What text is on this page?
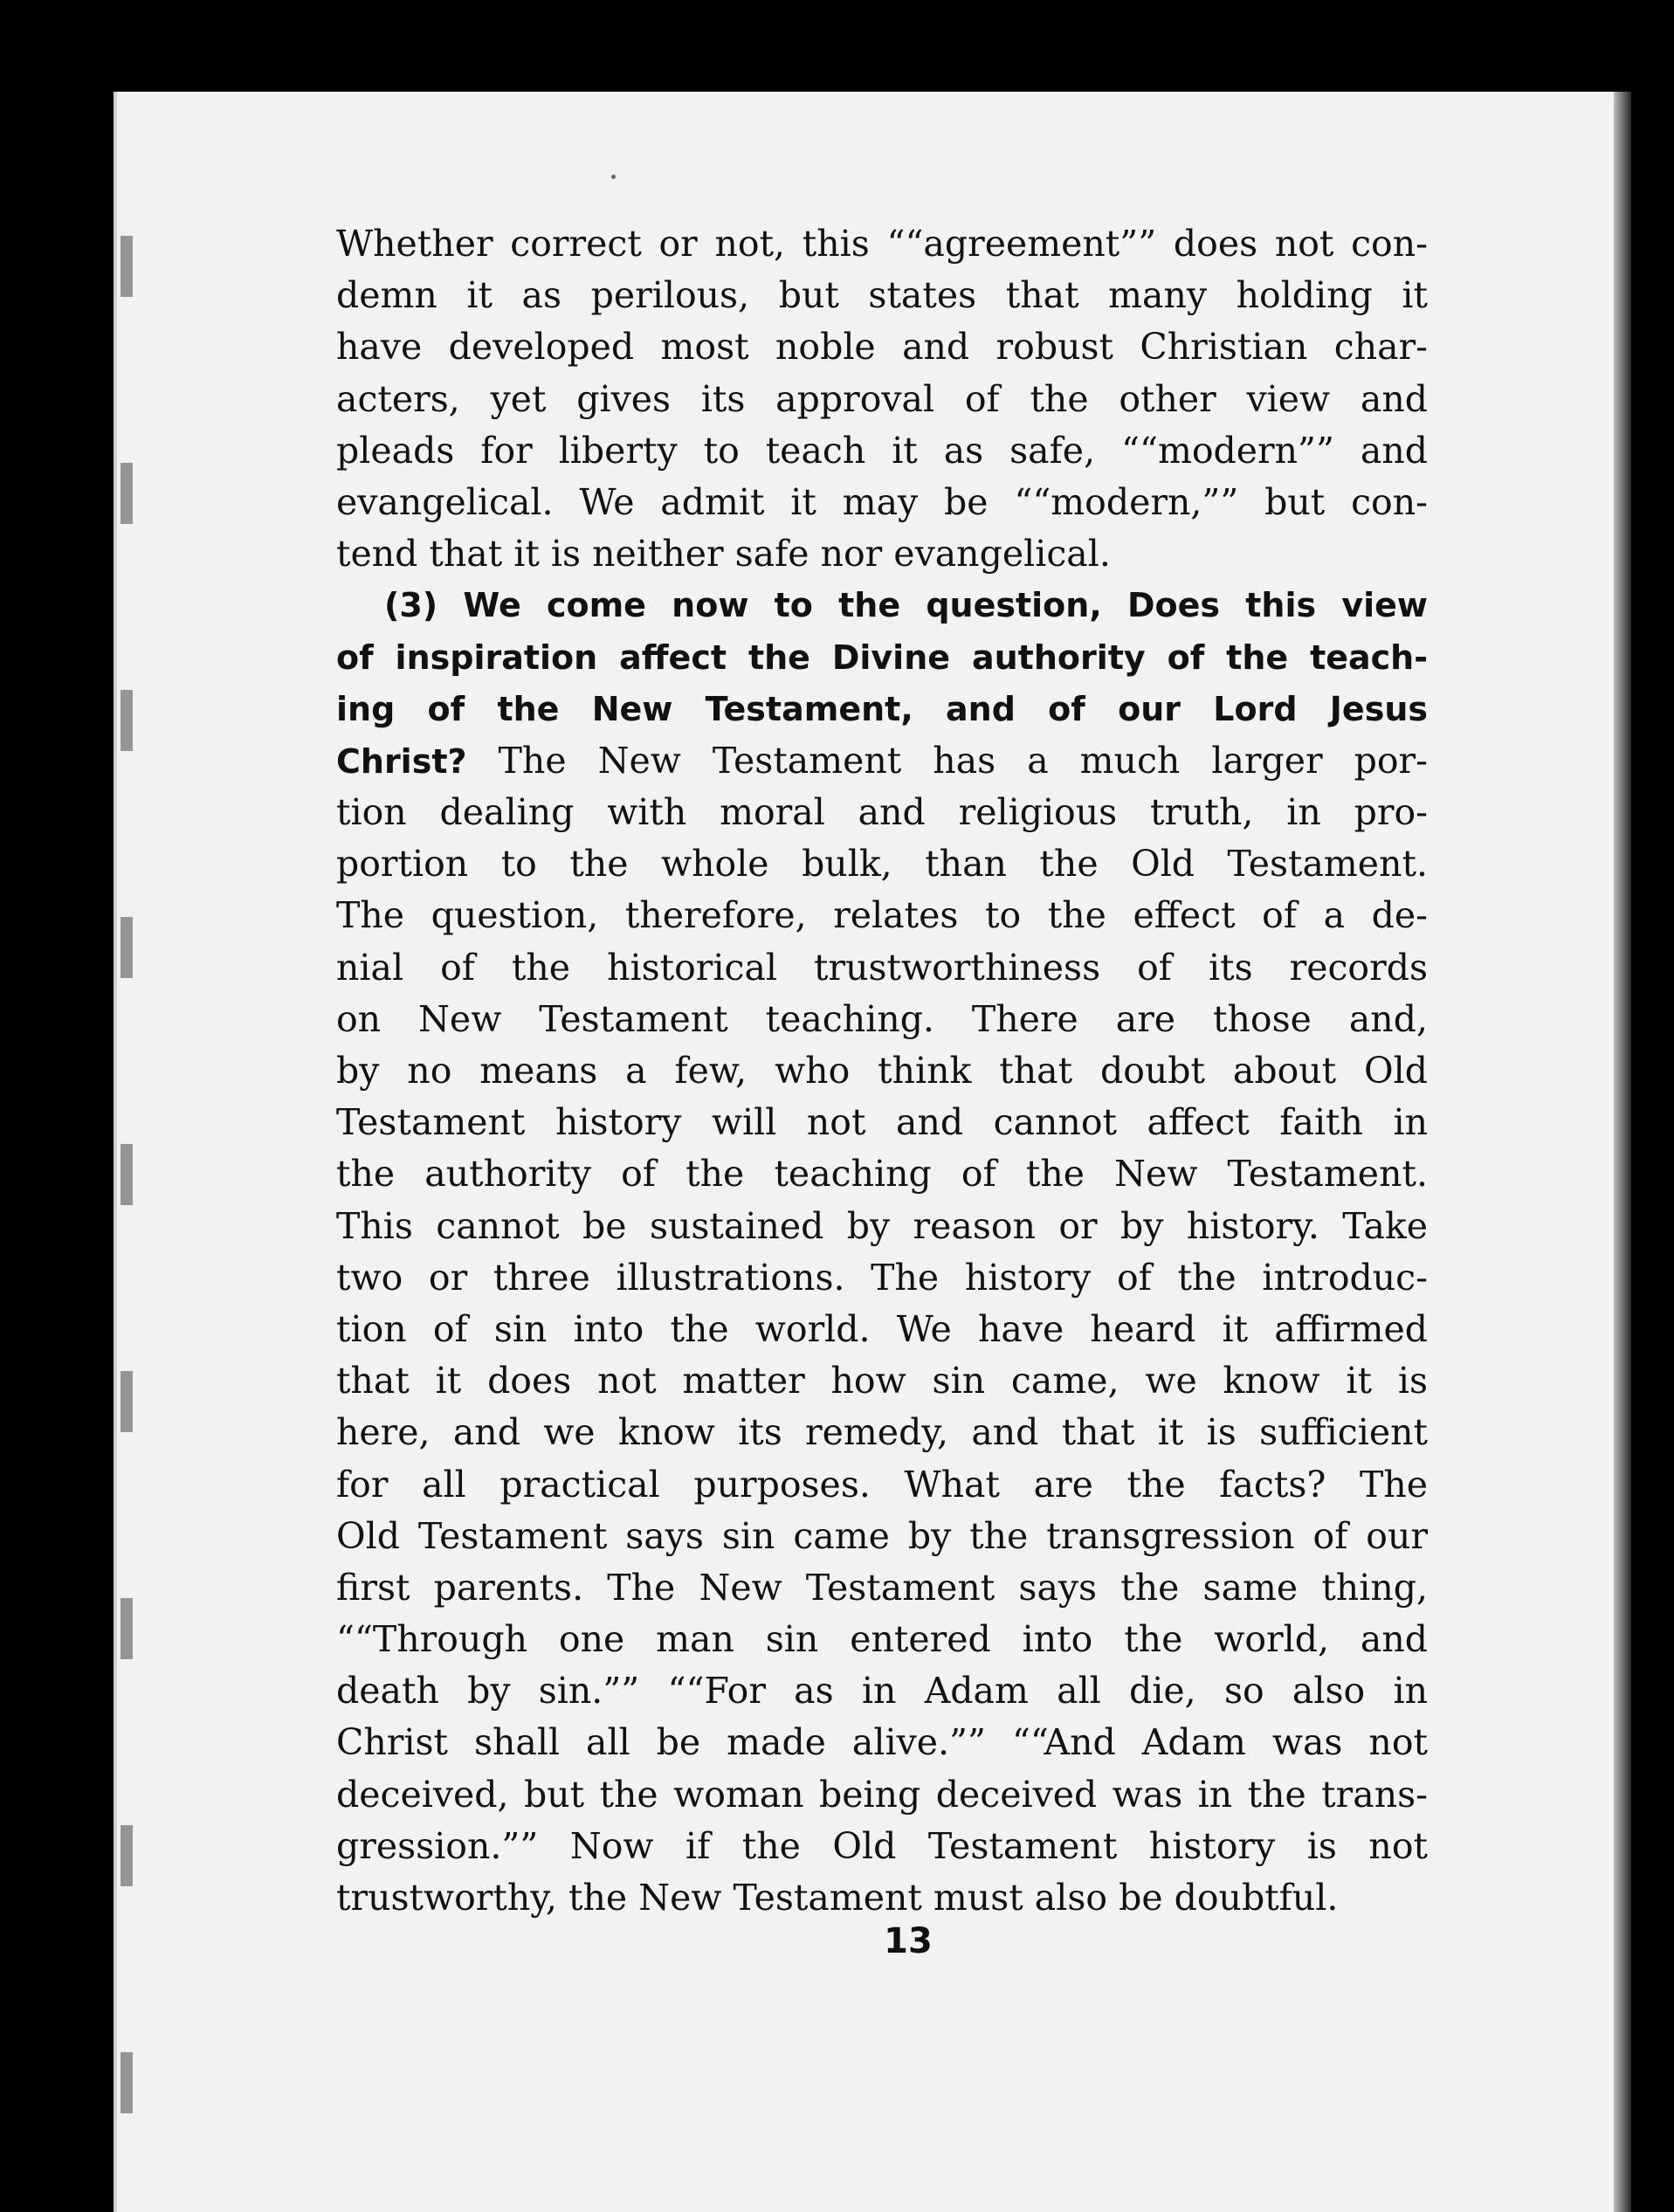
Whether correct or not, this ““agreement”” does not con-
demn it as perilous, but states that many holding it
have developed most noble and robust Christian char-
acters, yet gives its approval of the other view and
pleads for liberty to teach it as safe, ““modern”” and
evangelical. We admit it may be ““modern,”” but con-
tend that it is neither safe nor evangelical.
(3) We come now to the question, Does this view
of inspiration affect the Divine authority of the teach-
ing of the New Testament, and of our Lord Jesus
Christ? The New Testament has a much larger por-
tion dealing with moral and religious truth, in pro-
portion to the whole bulk, than the Old Testament.
The question, therefore, relates to the effect of a de-
nial of the historical trustworthiness of its records
on New Testament teaching. There are those and,
by no means a few, who think that doubt about Old
Testament history will not and cannot affect faith in
the authority of the teaching of the New Testament.
This cannot be sustained by reason or by history. Take
two or three illustrations. The history of the introduc-
tion of sin into the world. We have heard it affirmed
that it does not matter how sin came, we know it is
here, and we know its remedy, and that it is sufficient
for all practical purposes. What are the facts? The
Old Testament says sin came by the transgression of our
first parents. The New Testament says the same thing,
““Through one man sin entered into the world, and
death by sin.”” ““For as in Adam all die, so also in
Christ shall all be made alive.”” ““And Adam was not
deceived, but the woman being deceived was in the trans-
gression.”” Now if the Old Testament history is not
trustworthy, the New Testament must also be doubtful.
13
